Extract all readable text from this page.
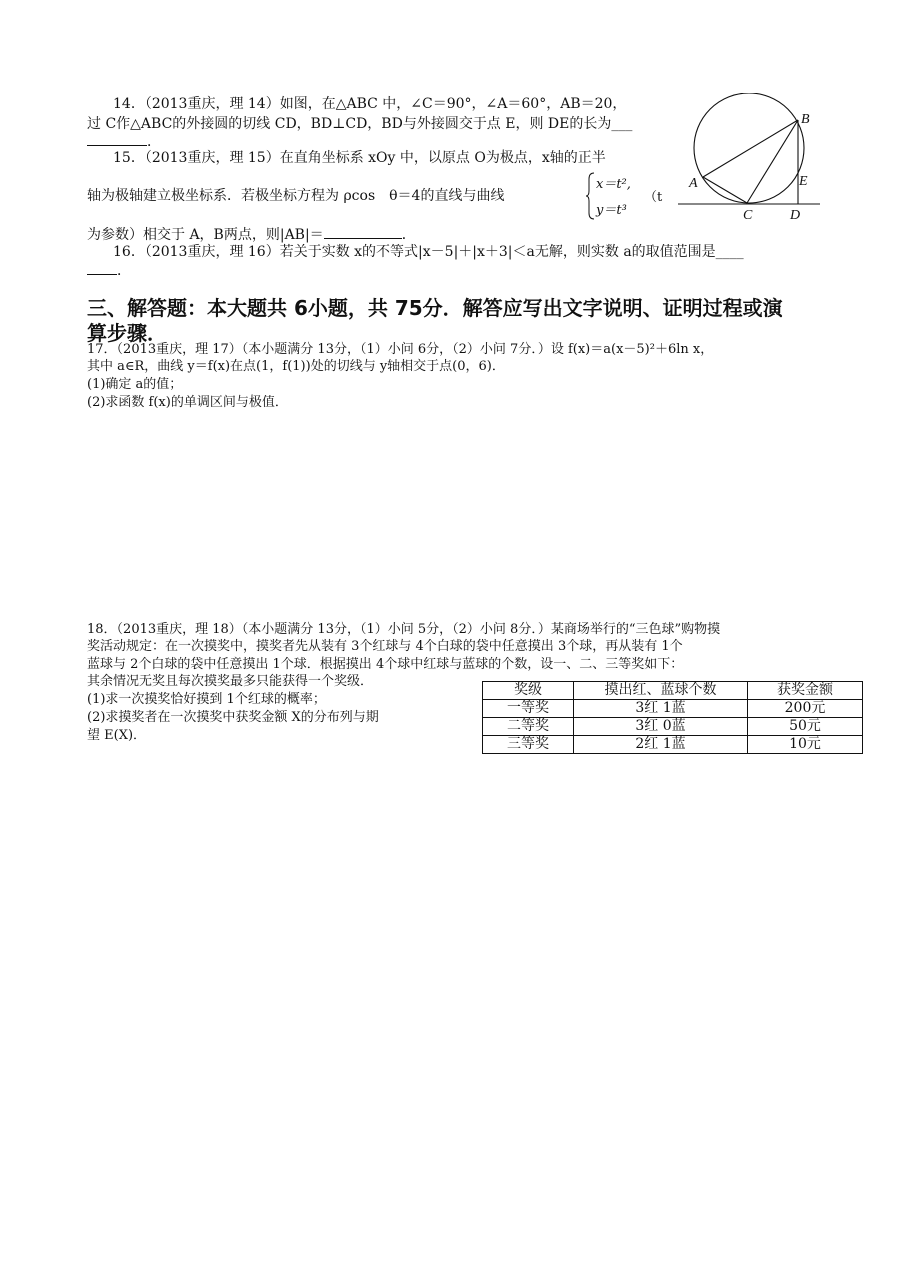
14．（2013重庆，理 14）如图，在△ABC 中，∠C＝90°，∠A＝60°，AB＝20，
过 C作△ABC的外接圆的切线 CD，BD⊥CD，BD与外接圆交于点 E，则 DE的长为___
．
15．（2013重庆，理 15）在直角坐标系 xOy 中，以原点 O为极点，x轴的正半
轴为极轴建立极坐标系．若极坐标方程为 ρcos　θ＝4的直线与曲线
x＝t²,
y＝t³
（t
为参数）相交于 A，B两点，则|AB|＝	．
16．（2013重庆，理 16）若关于实数 x的不等式|x－5|＋|x＋3|＜a无解，则实数 a的取值范围是____
．
A
B
C	D
E
三、解答题：本大题共 6小题，共 75分．解答应写出文字说明、证明过程或演
算步骤．
17．（2013重庆，理 17）（本小题满分 13分，（1）小问 6分，（2）小问 7分．）设 f(x)＝a(x－5)²＋6ln x，
其中 a∈R，曲线 y＝f(x)在点(1，f(1))处的切线与 y轴相交于点(0，6)．
(1)确定 a的值；
(2)求函数 f(x)的单调区间与极值．
18．（2013重庆，理 18）（本小题满分 13分，（1）小问 5分，（2）小问 8分．）某商场举行的“三色球”购物摸
奖活动规定：在一次摸奖中，摸奖者先从装有 3个红球与 4个白球的袋中任意摸出 3个球，再从装有 1个
蓝球与 2个白球的袋中任意摸出 1个球．根据摸出 4个球中红球与蓝球的个数，设一、二、三等奖如下：
其余情况无奖且每次摸奖最多只能获得一个奖级．
(1)求一次摸奖恰好摸到 1个红球的概率；
(2)求摸奖者在一次摸奖中获奖金额 X的分布列与期
望 E(X)．
奖级	摸出红、蓝球个数	获奖金额
一等奖	3红 1蓝	200元
二等奖	3红 0蓝	50元
三等奖	2红 1蓝	10元
